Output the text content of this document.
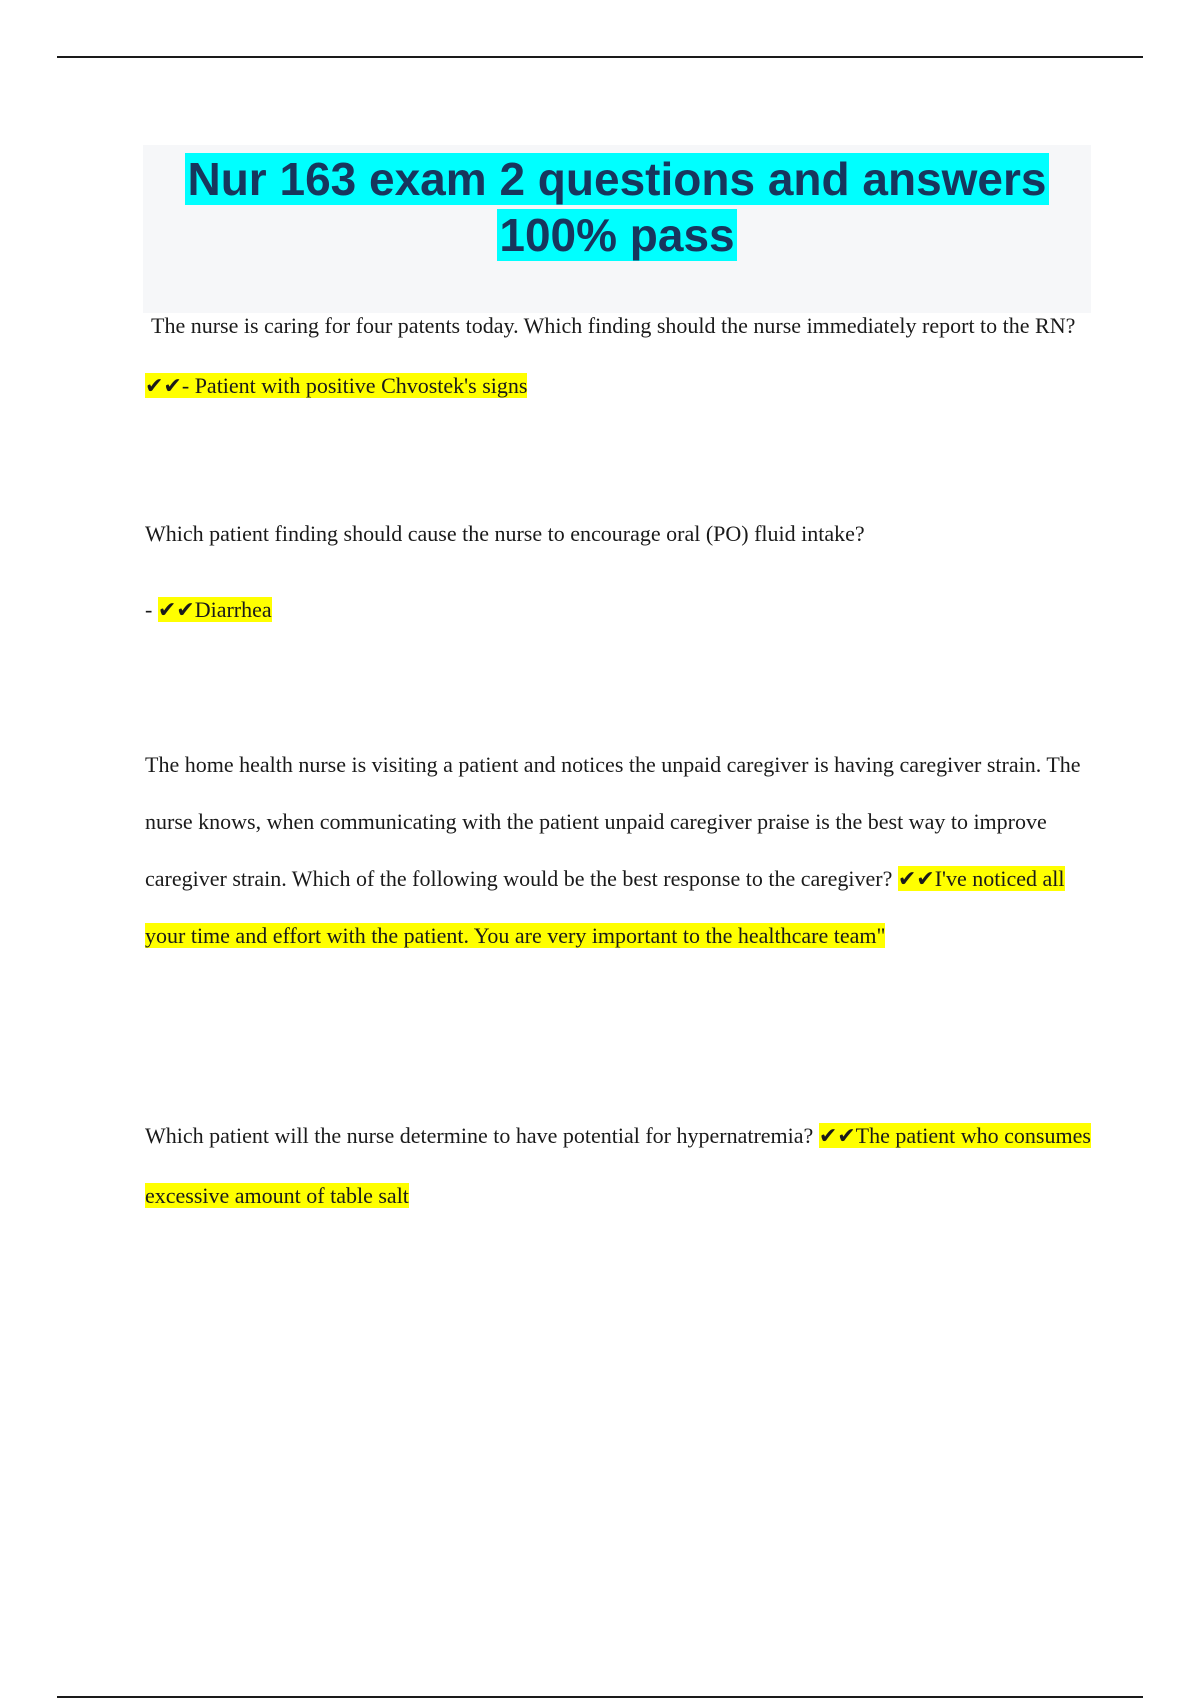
Nur 163 exam 2 questions and answers 100% pass

The nurse is caring for four patents today. Which finding should the nurse immediately report to the RN? ✔✔- Patient with positive Chvostek's signs

Which patient finding should cause the nurse to encourage oral (PO) fluid intake?

- ✔✔Diarrhea

The home health nurse is visiting a patient and notices the unpaid caregiver is having caregiver strain. The nurse knows, when communicating with the patient unpaid caregiver praise is the best way to improve caregiver strain. Which of the following would be the best response to the caregiver? ✔✔I've noticed all your time and effort with the patient. You are very important to the healthcare team"

Which patient will the nurse determine to have potential for hypernatremia? ✔✔The patient who consumes excessive amount of table salt
